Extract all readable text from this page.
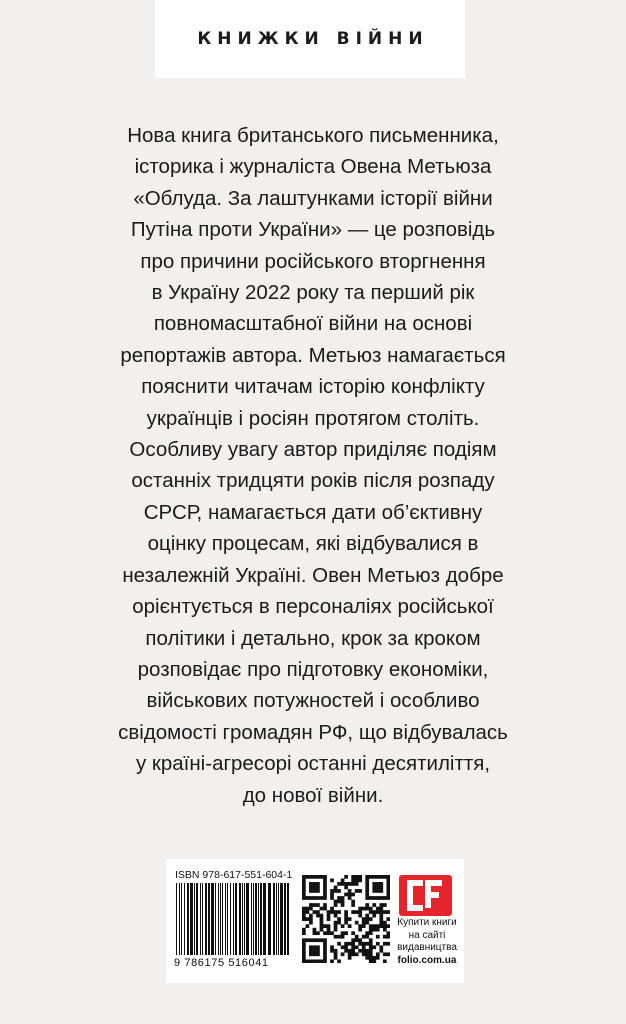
КНИЖКИ ВІЙНИ

Нова книга британського письменника,
історика і журналіста Овена Метьюза
«Облуда. За лаштунками історії війни
Путіна проти України» — це розповідь
про причини російського вторгнення
в Україну 2022 року та перший рік
повномасштабної війни на основі
репортажів автора. Метьюз намагається
пояснити читачам історію конфлікту
українців і росіян протягом століть.
Особливу увагу автор приділяє подіям
останніх тридцяти років після розпаду
СРСР, намагається дати об’єктивну
оцінку процесам, які відбувалися в
незалежній Україні. Овен Метьюз добре
орієнтується в персоналіях російської
політики і детально, крок за кроком
розповідає про підготовку економіки,
військових потужностей і особливо
свідомості громадян РФ, що відбувалась
у країні-агресорі останні десятиліття,
до нової війни.

ISBN 978-617-551-604-1
9 786175 516041
Купити книги
на сайті
видавництва
folio.com.ua
